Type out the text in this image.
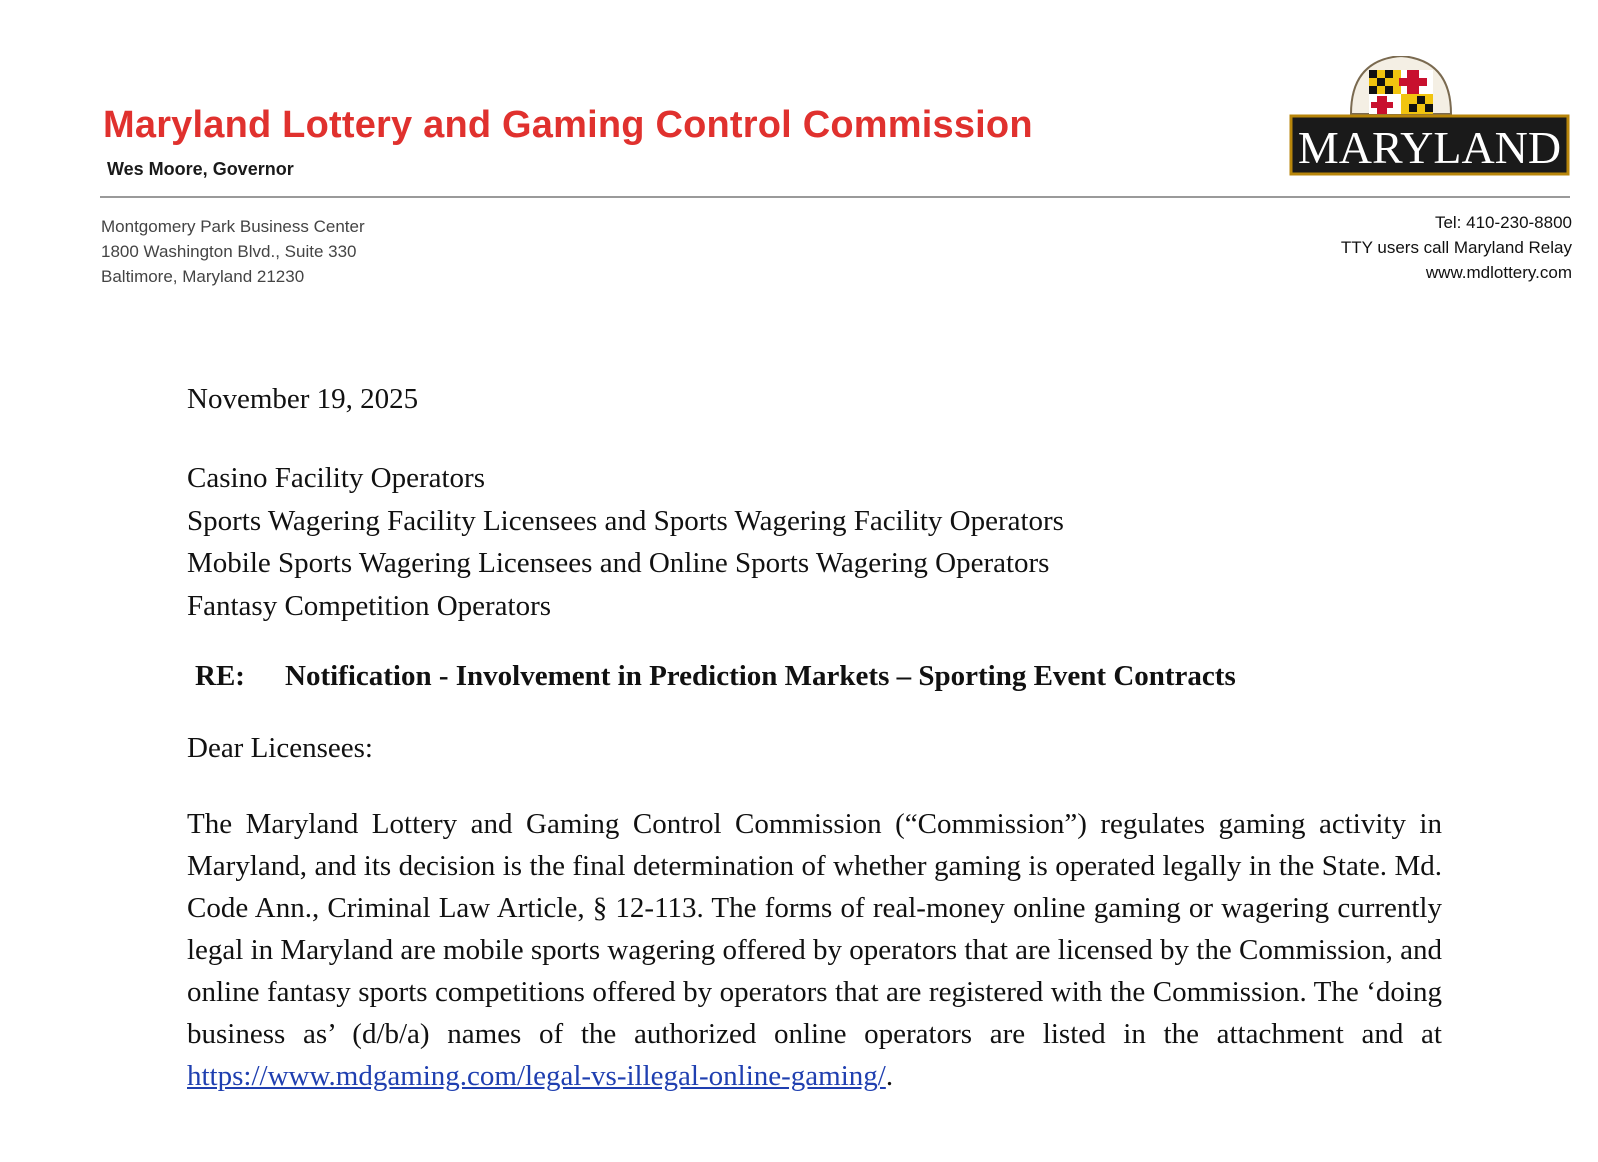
Maryland Lottery and Gaming Control Commission
Wes Moore, Governor	MARYLAND
Montgomery Park Business Center
1800 Washington Blvd., Suite 330
Baltimore, Maryland 21230
Tel: 410-230-8800
TTY users call Maryland Relay
www.mdlottery.com
November 19, 2025
Casino Facility Operators
Sports Wagering Facility Licensees and Sports Wagering Facility Operators
Mobile Sports Wagering Licensees and Online Sports Wagering Operators
Fantasy Competition Operators
RE: Notification - Involvement in Prediction Markets – Sporting Event Contracts
Dear Licensees:
The Maryland Lottery and Gaming Control Commission (“Commission”) regulates gaming activity in Maryland, and its decision is the final determination of whether gaming is operated legally in the State. Md. Code Ann., Criminal Law Article, § 12-113. The forms of real-money online gaming or wagering currently legal in Maryland are mobile sports wagering offered by operators that are licensed by the Commission, and online fantasy sports competitions offered by operators that are registered with the Commission. The ‘doing business as’ (d/b/a) names of the authorized online operators are listed in the attachment and at https://www.mdgaming.com/legal-vs-illegal-online-gaming/.
